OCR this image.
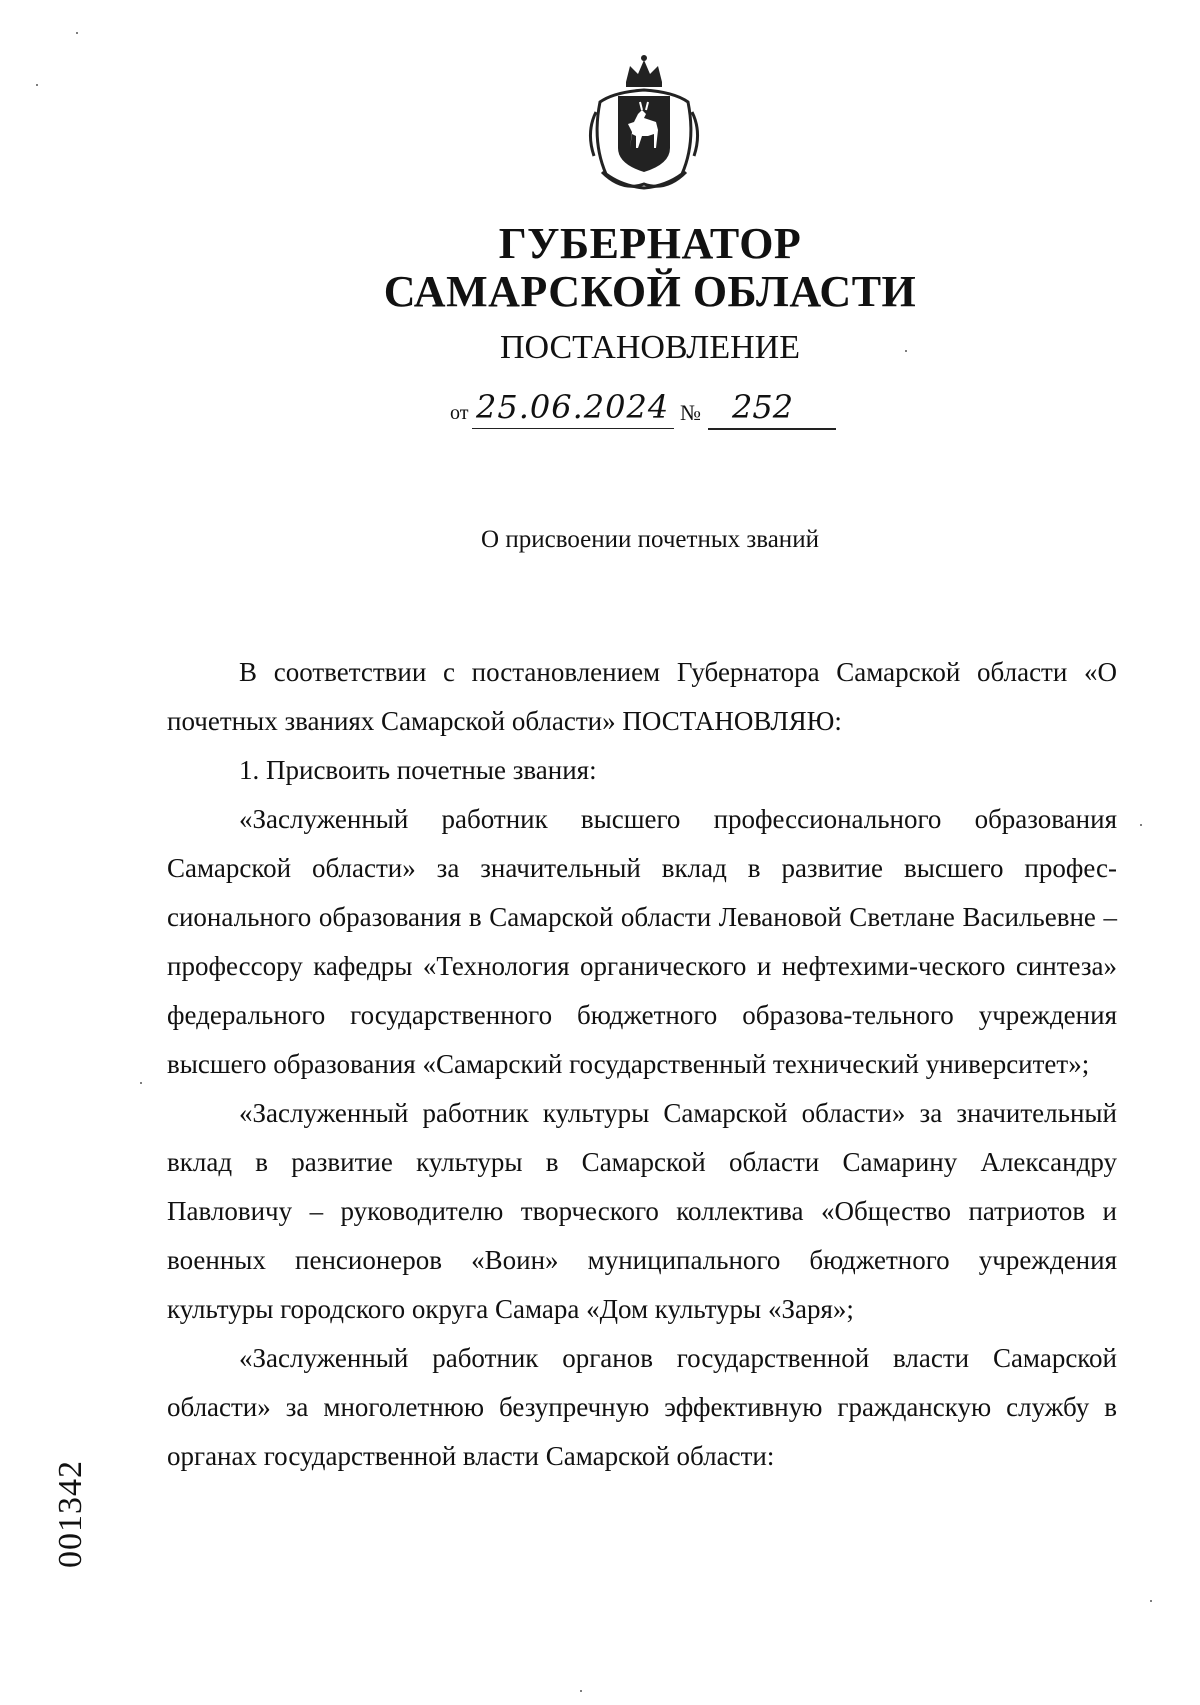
ГУБЕРНАТОР
САМАРСКОЙ ОБЛАСТИ
ПОСТАНОВЛЕНИЕ
от 25.06.2024 № 252
О присвоении почетных званий

В соответствии с постановлением Губернатора Самарской области «О почетных званиях Самарской области» ПОСТАНОВЛЯЮ:

1. Присвоить почетные звания:

«Заслуженный работник высшего профессионального образования Самарской области» за значительный вклад в развитие высшего профес-сионального образования в Самарской области Левановой Светлане Васильевне – профессору кафедры «Технология органического и нефтехими-ческого синтеза» федерального государственного бюджетного образова-тельного учреждения высшего образования «Самарский государственный технический университет»;

«Заслуженный работник культуры Самарской области» за значительный вклад в развитие культуры в Самарской области Самарину Александру Павловичу – руководителю творческого коллектива «Общество патриотов и военных пенсионеров «Воин» муниципального бюджетного учреждения культуры городского округа Самара «Дом культуры «Заря»;

«Заслуженный работник органов государственной власти Самарской области» за многолетнюю безупречную эффективную гражданскую службу в органах государственной власти Самарской области:

001342
